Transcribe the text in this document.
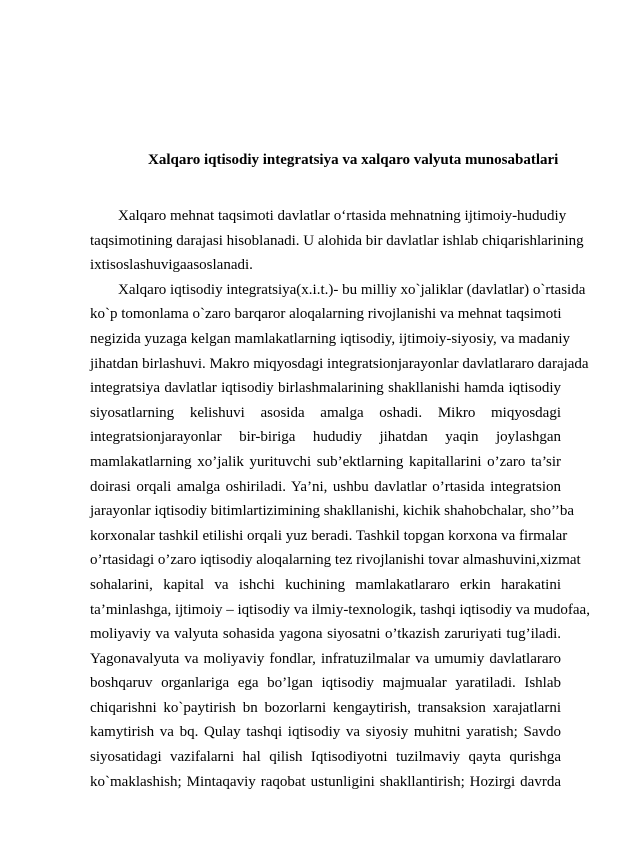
Xalqaro iqtisodiy integratsiya va xalqaro valyuta munosabatlari
Xalqaro mehnat taqsimoti davlatlar o‘rtasida mehnatning ijtimoiy-hududiy
taqsimotining darajasi hisoblanadi. U alohida bir davlatlar ishlab chiqarishlarining
ixtisoslashuvigaasoslanadi.
Xalqaro iqtisodiy integratsiya(x.i.t.)- bu milliy xo`jaliklar (davlatlar) o`rtasida
ko`p tomonlama o`zaro barqaror aloqalarning rivojlanishi va mehnat taqsimoti
negizida yuzaga kelgan mamlakatlarning iqtisodiy, ijtimoiy-siyosiy, va madaniy
jihatdan birlashuvi. Makro miqyosdagi integratsionjarayonlar davlatlararo darajada
integratsiya davlatlar iqtisodiy birlashmalarining shakllanishi hamda iqtisodiy
siyosatlarning kelishuvi asosida amalga oshadi. Mikro miqyosdagi
integratsionjarayonlar bir-biriga hududiy jihatdan yaqin joylashgan
mamlakatlarning xo’jalik yurituvchi sub’ektlarning kapitallarini o’zaro ta’sir
doirasi orqali amalga oshiriladi. Ya’ni, ushbu davlatlar o’rtasida integratsion
jarayonlar iqtisodiy bitimlartizimining shakllanishi, kichik shahobchalar, sho’’ba
korxonalar tashkil etilishi orqali yuz beradi. Tashkil topgan korxona va firmalar
o’rtasidagi o’zaro iqtisodiy aloqalarning tez rivojlanishi tovar almashuvini,xizmat
sohalarini, kapital va ishchi kuchining mamlakatlararo erkin harakatini
ta’minlashga, ijtimoiy – iqtisodiy va ilmiy-texnologik, tashqi iqtisodiy va mudofaa,
moliyaviy va valyuta sohasida yagona siyosatni o’tkazish zaruriyati tug’iladi.
Yagonavalyuta va moliyaviy fondlar, infratuzilmalar va umumiy davlatlararo
boshqaruv organlariga ega bo’lgan iqtisodiy majmualar yaratiladi. Ishlab
chiqarishni ko`paytirish bn bozorlarni kengaytirish, transaksion xarajatlarni
kamytirish va bq. Qulay tashqi iqtisodiy va siyosiy muhitni yaratish; Savdo
siyosatidagi vazifalarni hal qilish Iqtisodiyotni tuzilmaviy qayta qurishga
ko`maklashish; Mintaqaviy raqobat ustunligini shakllantirish; Hozirgi davrda
